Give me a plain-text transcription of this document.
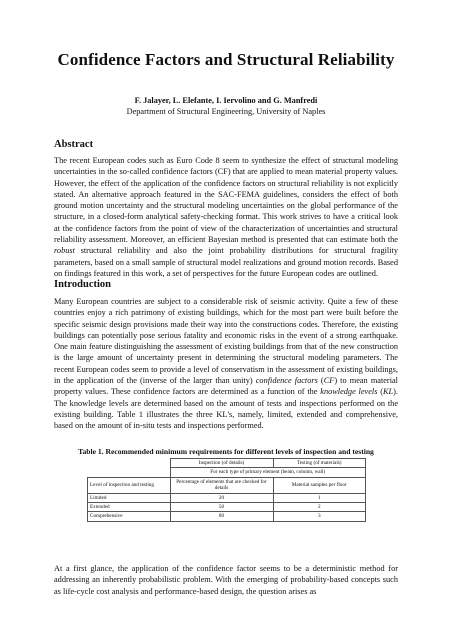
Confidence Factors and Structural Reliability
F. Jalayer, L. Elefante, I. Iervolino and G. Manfredi
Department of Structural Engineering, University of Naples
Abstract

The recent European codes such as Euro Code 8 seem to synthesize the effect of structural modeling uncertainties in the so-called confidence factors (CF) that are applied to mean material property values. However, the effect of the application of the confidence factors on structural reliability is not explicitly stated. An alternative approach featured in the SAC-FEMA guidelines, considers the effect of both ground motion uncertainty and the structural modeling uncertainties on the global performance of the structure, in a closed-form analytical safety-checking format. This work strives to have a critical look at the confidence factors from the point of view of the characterization of uncertainties and structural reliability assessment. Moreover, an efficient Bayesian method is presented that can estimate both the robust structural reliability and also the joint probability distributions for structural fragility parameters, based on a small sample of structural model realizations and ground motion records. Based on findings featured in this work, a set of perspectives for the future European codes are outlined.

Introduction

Many European countries are subject to a considerable risk of seismic activity. Quite a few of these countries enjoy a rich patrimony of existing buildings, which for the most part were built before the specific seismic design provisions made their way into the constructions codes. Therefore, the existing buildings can potentially pose serious fatality and economic risks in the event of a strong earthquake. One main feature distinguishing the assessment of existing buildings from that of the new construction is the large amount of uncertainty present in determining the structural modeling parameters. The recent European codes seem to provide a level of conservatism in the assessment of existing buildings, in the application of the (inverse of the larger than unity) confidence factors (CF) to mean material property values. These confidence factors are determined as a function of the knowledge levels (KL). The knowledge levels are determined based on the amount of tests and inspections performed on the existing building. Table 1 illustrates the three KL's, namely, limited, extended and comprehensive, based on the amount of in-situ tests and inspections performed.

Table 1. Recommended minimum requirements for different levels of inspection and testing
	Inspection (of details)	Testing (of materials)
	For each type of primary element (beam, column, wall)	
Level of inspection and testing	Percentage of elements that are checked for details	Material samples per floor
Limited	20	1
Extended	50	2
Comprehensive	80	3

At a first glance, the application of the confidence factor seems to be a deterministic method for addressing an inherently probabilistic problem. With the emerging of probability-based concepts such as life-cycle cost analysis and performance-based design, the question arises as
